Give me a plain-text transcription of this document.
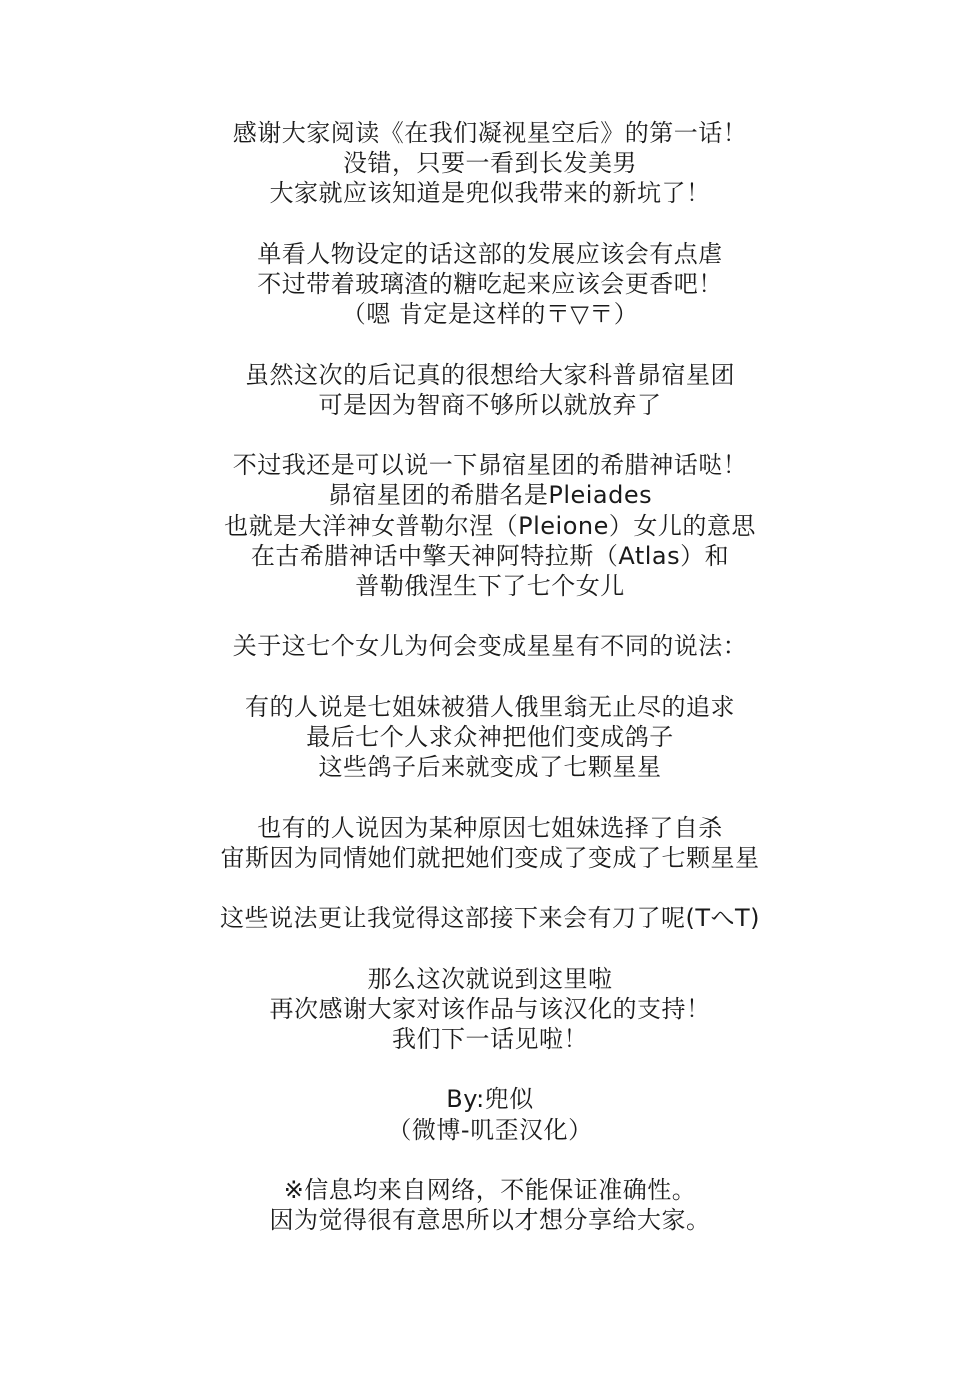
感谢大家阅读《在我们凝视星空后》的第一话！
没错，只要一看到长发美男
大家就应该知道是兜似我带来的新坑了！
单看人物设定的话这部的发展应该会有点虐
不过带着玻璃渣的糖吃起来应该会更香吧！
（嗯 肯定是这样的〒▽〒）
虽然这次的后记真的很想给大家科普昴宿星团
可是因为智商不够所以就放弃了
不过我还是可以说一下昴宿星团的希腊神话哒！
昴宿星团的希腊名是Pleiades
也就是大洋神女普勒尔涅（Pleione）女儿的意思
在古希腊神话中擎天神阿特拉斯（Atlas）和
普勒俄涅生下了七个女儿
关于这七个女儿为何会变成星星有不同的说法：
有的人说是七姐妹被猎人俄里翁无止尽的追求
最后七个人求众神把他们变成鸽子
这些鸽子后来就变成了七颗星星
也有的人说因为某种原因七姐妹选择了自杀
宙斯因为同情她们就把她们变成了变成了七颗星星
这些说法更让我觉得这部接下来会有刀了呢(TへT)
那么这次就说到这里啦
再次感谢大家对该作品与该汉化的支持！
我们下一话见啦！
By:兜似
（微博-叽歪汉化）
※信息均来自网络，不能保证准确性。
因为觉得很有意思所以才想分享给大家。
